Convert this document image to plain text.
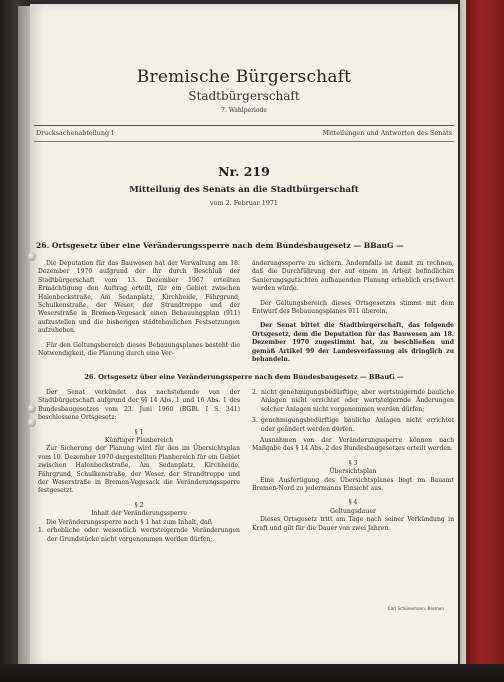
Bremische Bürgerschaft
Stadtbürgerschaft
7. Wahlperiode
Drucksachenabteilung I	Mitteilungen und Antworten des Senats
Nr. 219
Mitteilung des Senats an die Stadtbürgerschaft
vom 2. Februar 1971
26. Ortsgesetz über eine Veränderungssperre nach dem Bundesbaugesetz — BBauG —

Die Deputation für das Bauwesen hat der Verwaltung am 18. Dezember 1970 aufgrund der ihr durch Beschluß der Stadtbürgerschaft vom 13. Dezember 1967 erteilten Ermächtigung den Auftrag erteilt, für ein Gebiet zwischen Halenbeckstraße, Am Sedanplatz, Kirchheide, Fährgrund, Schulkenstraße, der Weser, der Strandtreppe und der Weserstraße in Bremen-Vegesack einen Bebauungsplan (911) aufzustellen und die bisherigen städtebaulichen Festsetzungen aufzuheben.

Für den Geltungsbereich dieses Bebauungsplanes besteht die Notwendigkeit, die Planung durch eine Ver-

änderungssperre zu sichern. Andernfalls ist damit zu rechnen, daß die Durchführung der auf einem in Arbeit befindlichen Sanierungsgutachten aufbauenden Planung erheblich erschwert werden würde.

Der Geltungsbereich dieses Ortsgesetzes stimmt mit dem Entwurf des Bebauungsplanes 911 überein.

Der Senat bittet die Stadtbürgerschaft, das folgende Ortsgesetz, dem die Deputation für das Bauwesen am 18. Dezember 1970 zugestimmt hat, zu beschließen und gemäß Artikel 99 der Landesverfassung als dringlich zu behandeln.

26. Ortsgesetz über eine Veränderungssperre nach dem Bundesbaugesetz — BBauG —

Der Senat verkündet das nachstehende von der Stadtbürgerschaft aufgrund der §§ 14 Abs. 1 und 16 Abs. 1 des Bundesbaugesetzes vom 23. Juni 1960 (BGBl. I S. 341) beschlossene Ortsgesetz:

§ 1

Künftiger Planbereich

Zur Sicherung der Planung wird für den im Übersichtsplan vom 10. Dezember 1970 dargestellten Planbereich für ein Gebiet zwischen Halenbeckstraße, Am Sedanplatz, Kirchheide, Fährgrund, Schulkenstraße, der Weser, der Strandtreppe und der Weserstraße in Bremen-Vegesack die Veränderungssperre festgesetzt.

§ 2

Inhalt der Veränderungssperre

Die Veränderungssperre nach § 1 hat zum Inhalt, daß

1. erhebliche oder wesentlich wertsteigernde Veränderungen der Grundstücke nicht vorgenommen werden dürfen;
2. nicht genehmigungsbedürftige, aber wertsteigernde bauliche Anlagen nicht errichtet oder wertsteigernde Änderungen solcher Anlagen nicht vorgenommen werden dürfen;
3. genehmigungsbedürftige bauliche Anlagen nicht errichtet oder geändert werden dürfen.

Ausnahmen von der Veränderungssperre können nach Maßgabe des § 14 Abs. 2 des Bundesbaugesetzes erteilt werden.

§ 3

Übersichtsplan

Eine Ausfertigung des Übersichtsplanes liegt im Bauamt Bremen-Nord zu jedermanns Einsicht aus.

§ 4

Geltungsdauer

Dieses Ortsgesetz tritt am Tage nach seiner Verkündung in Kraft und gilt für die Dauer von zwei Jahren.

Carl Schünemann, Bremen
